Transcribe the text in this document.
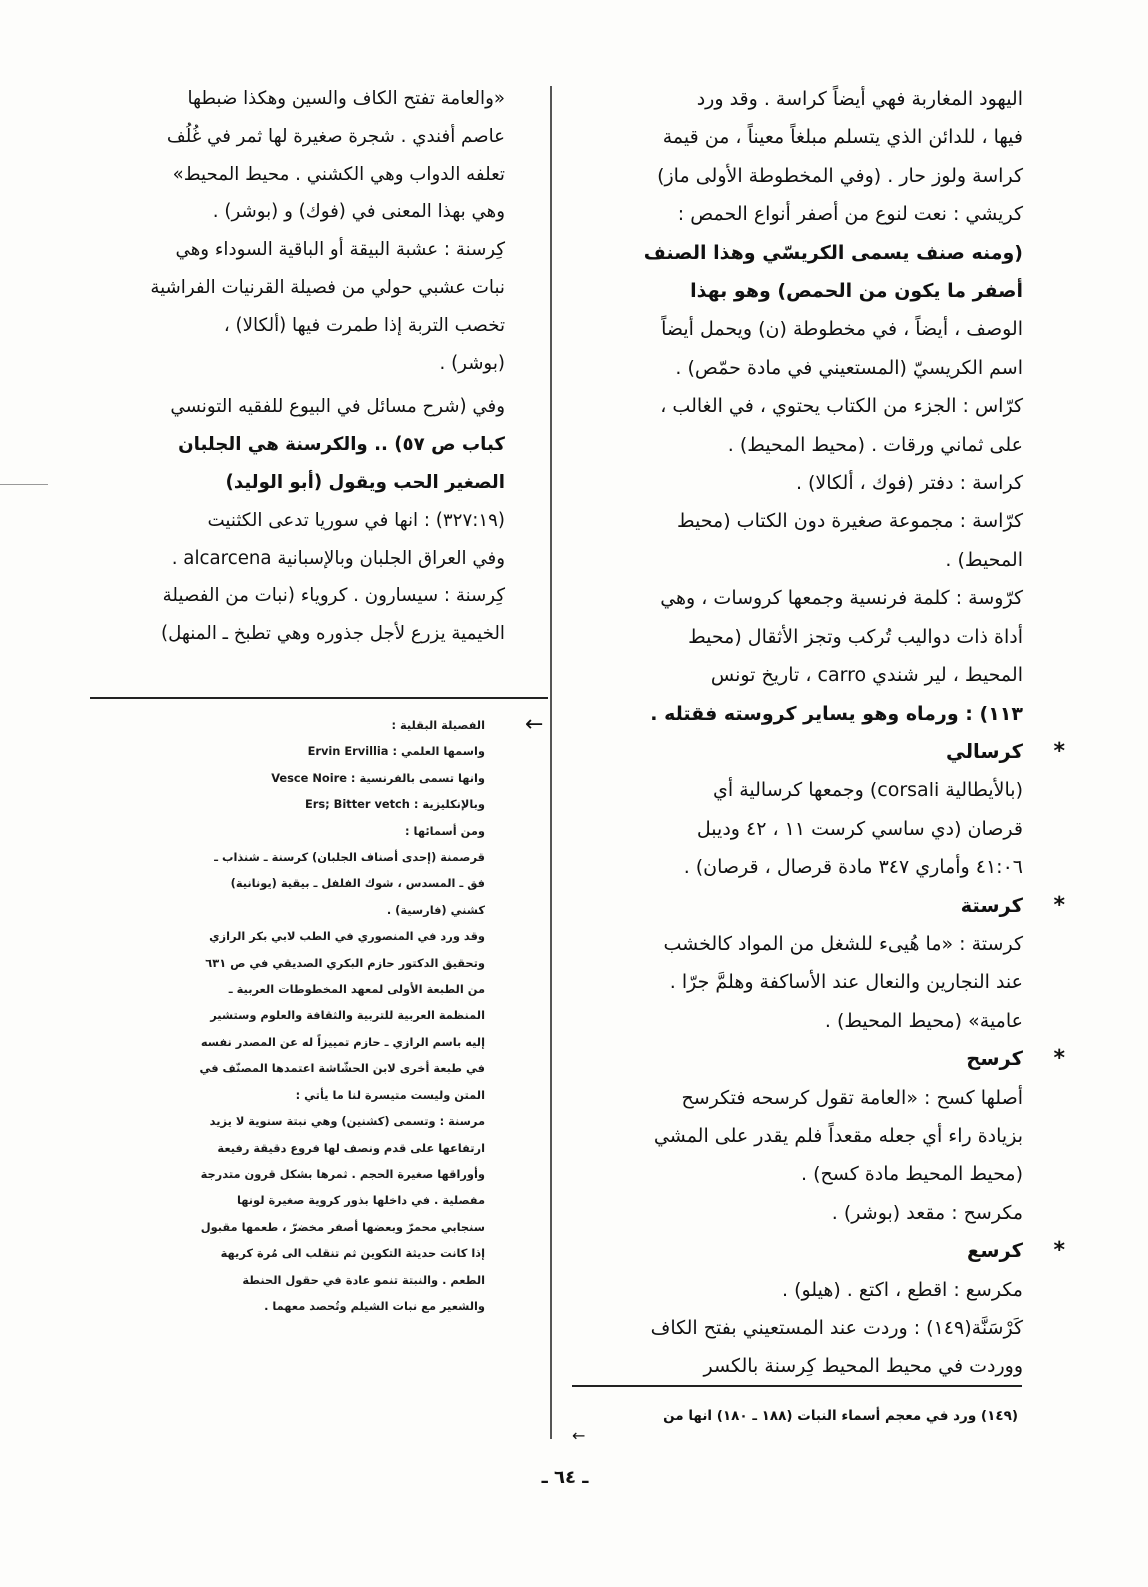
اليهود المغاربة فهي أيضاً كراسة . وقد ورد

فيها ، للدائن الذي يتسلم مبلغاً معيناً ، من قيمة

كراسة ولوز حار . (وفي المخطوطة الأولى ماز)

كريشي : نعت لنوع من أصفر أنواع الحمص :

(ومنه صنف يسمى الكريسّي وهذا الصنف

أصفر ما يكون من الحمص) وهو بهذا

الوصف ، أيضاً ، في مخطوطة (ن) ويحمل أيضاً

اسم الكريسيّ (المستعيني في مادة حمّص) .

كرّاس : الجزء من الكتاب يحتوي ، في الغالب ،

على ثماني ورقات . (محيط المحيط) .

كراسة : دفتر (فوك ، ألكالا) .

كرّاسة : مجموعة صغيرة دون الكتاب (محيط

المحيط) .

كرّوسة : كلمة فرنسية وجمعها كروسات ، وهي

أداة ذات دواليب تُركب وتجز الأثقال (محيط

المحيط ، لير شندي carro ، تاريخ تونس

١١٣) : ورماه وهو يساير كروسته فقتله .

*
كرسالي

(بالأيطالية corsali) وجمعها كرسالية أي

قرصان (دي ساسي كرست ١١ ، ٤٢ وديبل

٤١:٠٦ وأماري ٣٤٧ مادة قرصال ، قرصان) .

*
كرستة

كرستة : «ما هُيىء للشغل من المواد كالخشب

عند النجارين والنعال عند الأساكفة وهلمَّ جرّا .

عامية» (محيط المحيط) .

*
كرسح

أصلها كسح : «العامة تقول كرسحه فتكرسح

بزيادة راء أي جعله مقعداً فلم يقدر على المشي

(محيط المحيط مادة كسح) .

مكرسح : مقعد (بوشر) .

*
كرسع

مكرسع : اقطع ، اكتع . (هيلو) .

كَرْسَنَّة(١٤٩) : وردت عند المستعيني بفتح الكاف

ووردت في محيط المحيط كِرسنة بالكسر

«والعامة تفتح الكاف والسين وهكذا ضبطها

عاصم أفندي . شجرة صغيرة لها ثمر في غُلُف

تعلفه الدواب وهي الكشني . محيط المحيط»

وهي بهذا المعنى في (فوك) و (بوشر) .

كِرسنة : عشبة البيقة أو الباقية السوداء وهي

نبات عشبي حولي من فصيلة القرنيات الفراشية

تخصب التربة إذا طمرت فيها (ألكالا) ،

(بوشر) .

وفي (شرح مسائل في البيوع للفقيه التونسي

كباب ص ٥٧) .. والكرسنة هي الجلبان

الصغير الحب ويقول (أبو الوليد)

(٣٢٧:١٩) : انها في سوريا تدعى الكثنيت

وفي العراق الجلبان وبالإسبانية alcarcena .

كِرسنة : سيسارون . كروياء (نبات من الفصيلة

الخيمية يزرع لأجل جذوره وهي تطبخ ـ المنهل)

←

الفصيلة البقلية :

واسمها العلمي : Ervin Ervillia

وانها تسمى بالفرنسية : Vesce Noire

وبالإنكليزية : Ers; Bitter vetch

ومن أسمائها :

قرصمنة (إحدى أصناف الجلبان) كرسنة ـ شنذاب ـ

فق ـ المسدس ، شوك الفلفل ـ بيقية (يونانية)

كشني (فارسية) .

وقد ورد في المنصوري في الطب لابي بكر الرازي

وتحقيق الدكتور حازم البكري الصديقي في ص ٦٣١

من الطبعة الأولى لمعهد المخطوطات العربية ـ

المنظمة العربية للتربية والثقافة والعلوم وستشير

إليه باسم الرازي ـ حازم تمييزاً له عن المصدر نفسه

في طبعة أخرى لابن الحشّاشة اعتمدها المصنّف في

المتن وليست متيسرة لنا ما يأتي :

مرسنة : وتسمى (كشنين) وهي نبتة سنوية لا يزيد

ارتفاعها على قدم ونصف لها فروع دقيقة رفيعة

وأوراقها صغيرة الحجم . ثمرها بشكل قرون متدرجة

مفصلية . في داخلها بذور كروية صغيرة لونها

سنجابي محمرّ وبعضها أصفر مخضرّ ، طعمها مقبول

إذا كانت حديثة التكوين ثم تنقلب الى مُرة كريهة

الطعم . والنبتة تنمو عادة في حقول الحنطة

والشعير مع نبات الشيلم وتُحصد معهما .

(١٤٩) ورد في معجم أسماء النبات (١٨٨ ـ ١٨٠) انها من
←
ـ ٦٤ ـ
